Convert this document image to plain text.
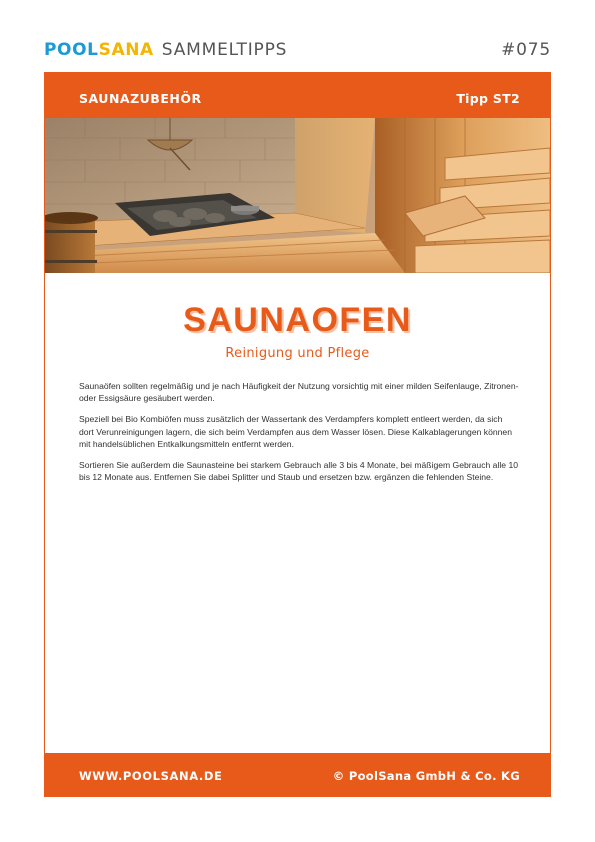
POOLSANA SAMMELTIPPS	#075
SAUNAZUBEHÖR	Tipp ST2
SAUNAOFEN
Reinigung und Pflege

Saunaöfen sollten regelmäßig und je nach Häufigkeit der Nutzung vorsichtig mit einer milden Seifenlauge, Zitronen- oder Essigsäure gesäubert werden.

Speziell bei Bio Kombiöfen muss zusätzlich der Wassertank des Verdampfers komplett entleert werden, da sich dort Verunreinigungen lagern, die sich beim Verdampfen aus dem Wasser lösen. Diese Kalkablagerungen können mit handelsüblichen Entkalkungsmitteln entfernt werden.

Sortieren Sie außerdem die Saunasteine bei starkem Gebrauch alle 3 bis 4 Monate, bei mäßigem Gebrauch alle 10 bis 12 Monate aus. Entfernen Sie dabei Splitter und Staub und ersetzen bzw. ergänzen die fehlenden Steine.

WWW.POOLSANA.DE	© PoolSana GmbH & Co. KG
